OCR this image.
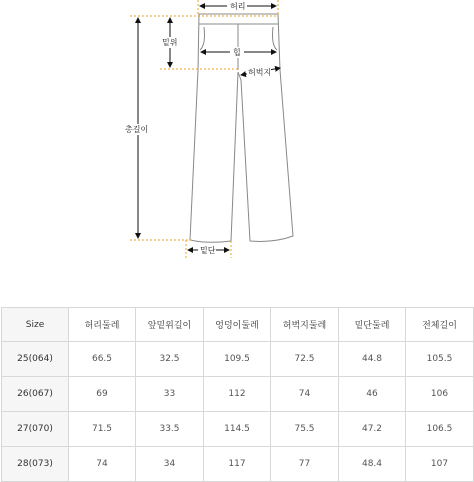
허리
밑위
힙
허벅지
총길이
밑단
Size	허리둘레	앞밑위길이	엉덩이둘레	허벅지둘레	밑단둘레	전체길이
25(064)	66.5	32.5	109.5	72.5	44.8	105.5
26(067)	69	33	112	74	46	106
27(070)	71.5	33.5	114.5	75.5	47.2	106.5
28(073)	74	34	117	77	48.4	107
